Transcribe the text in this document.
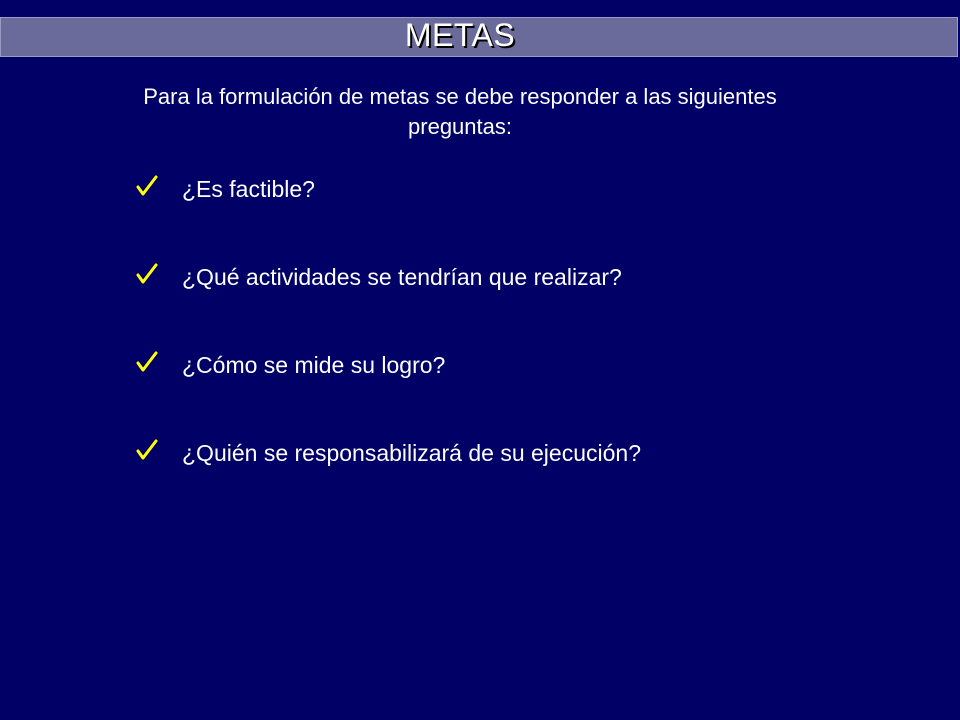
METAS
Para la formulación de metas se debe responder a las siguientes preguntas:
¿Es factible?
¿Qué actividades se tendrían que realizar?
¿Cómo se mide su logro?
¿Quién se responsabilizará de su ejecución?
